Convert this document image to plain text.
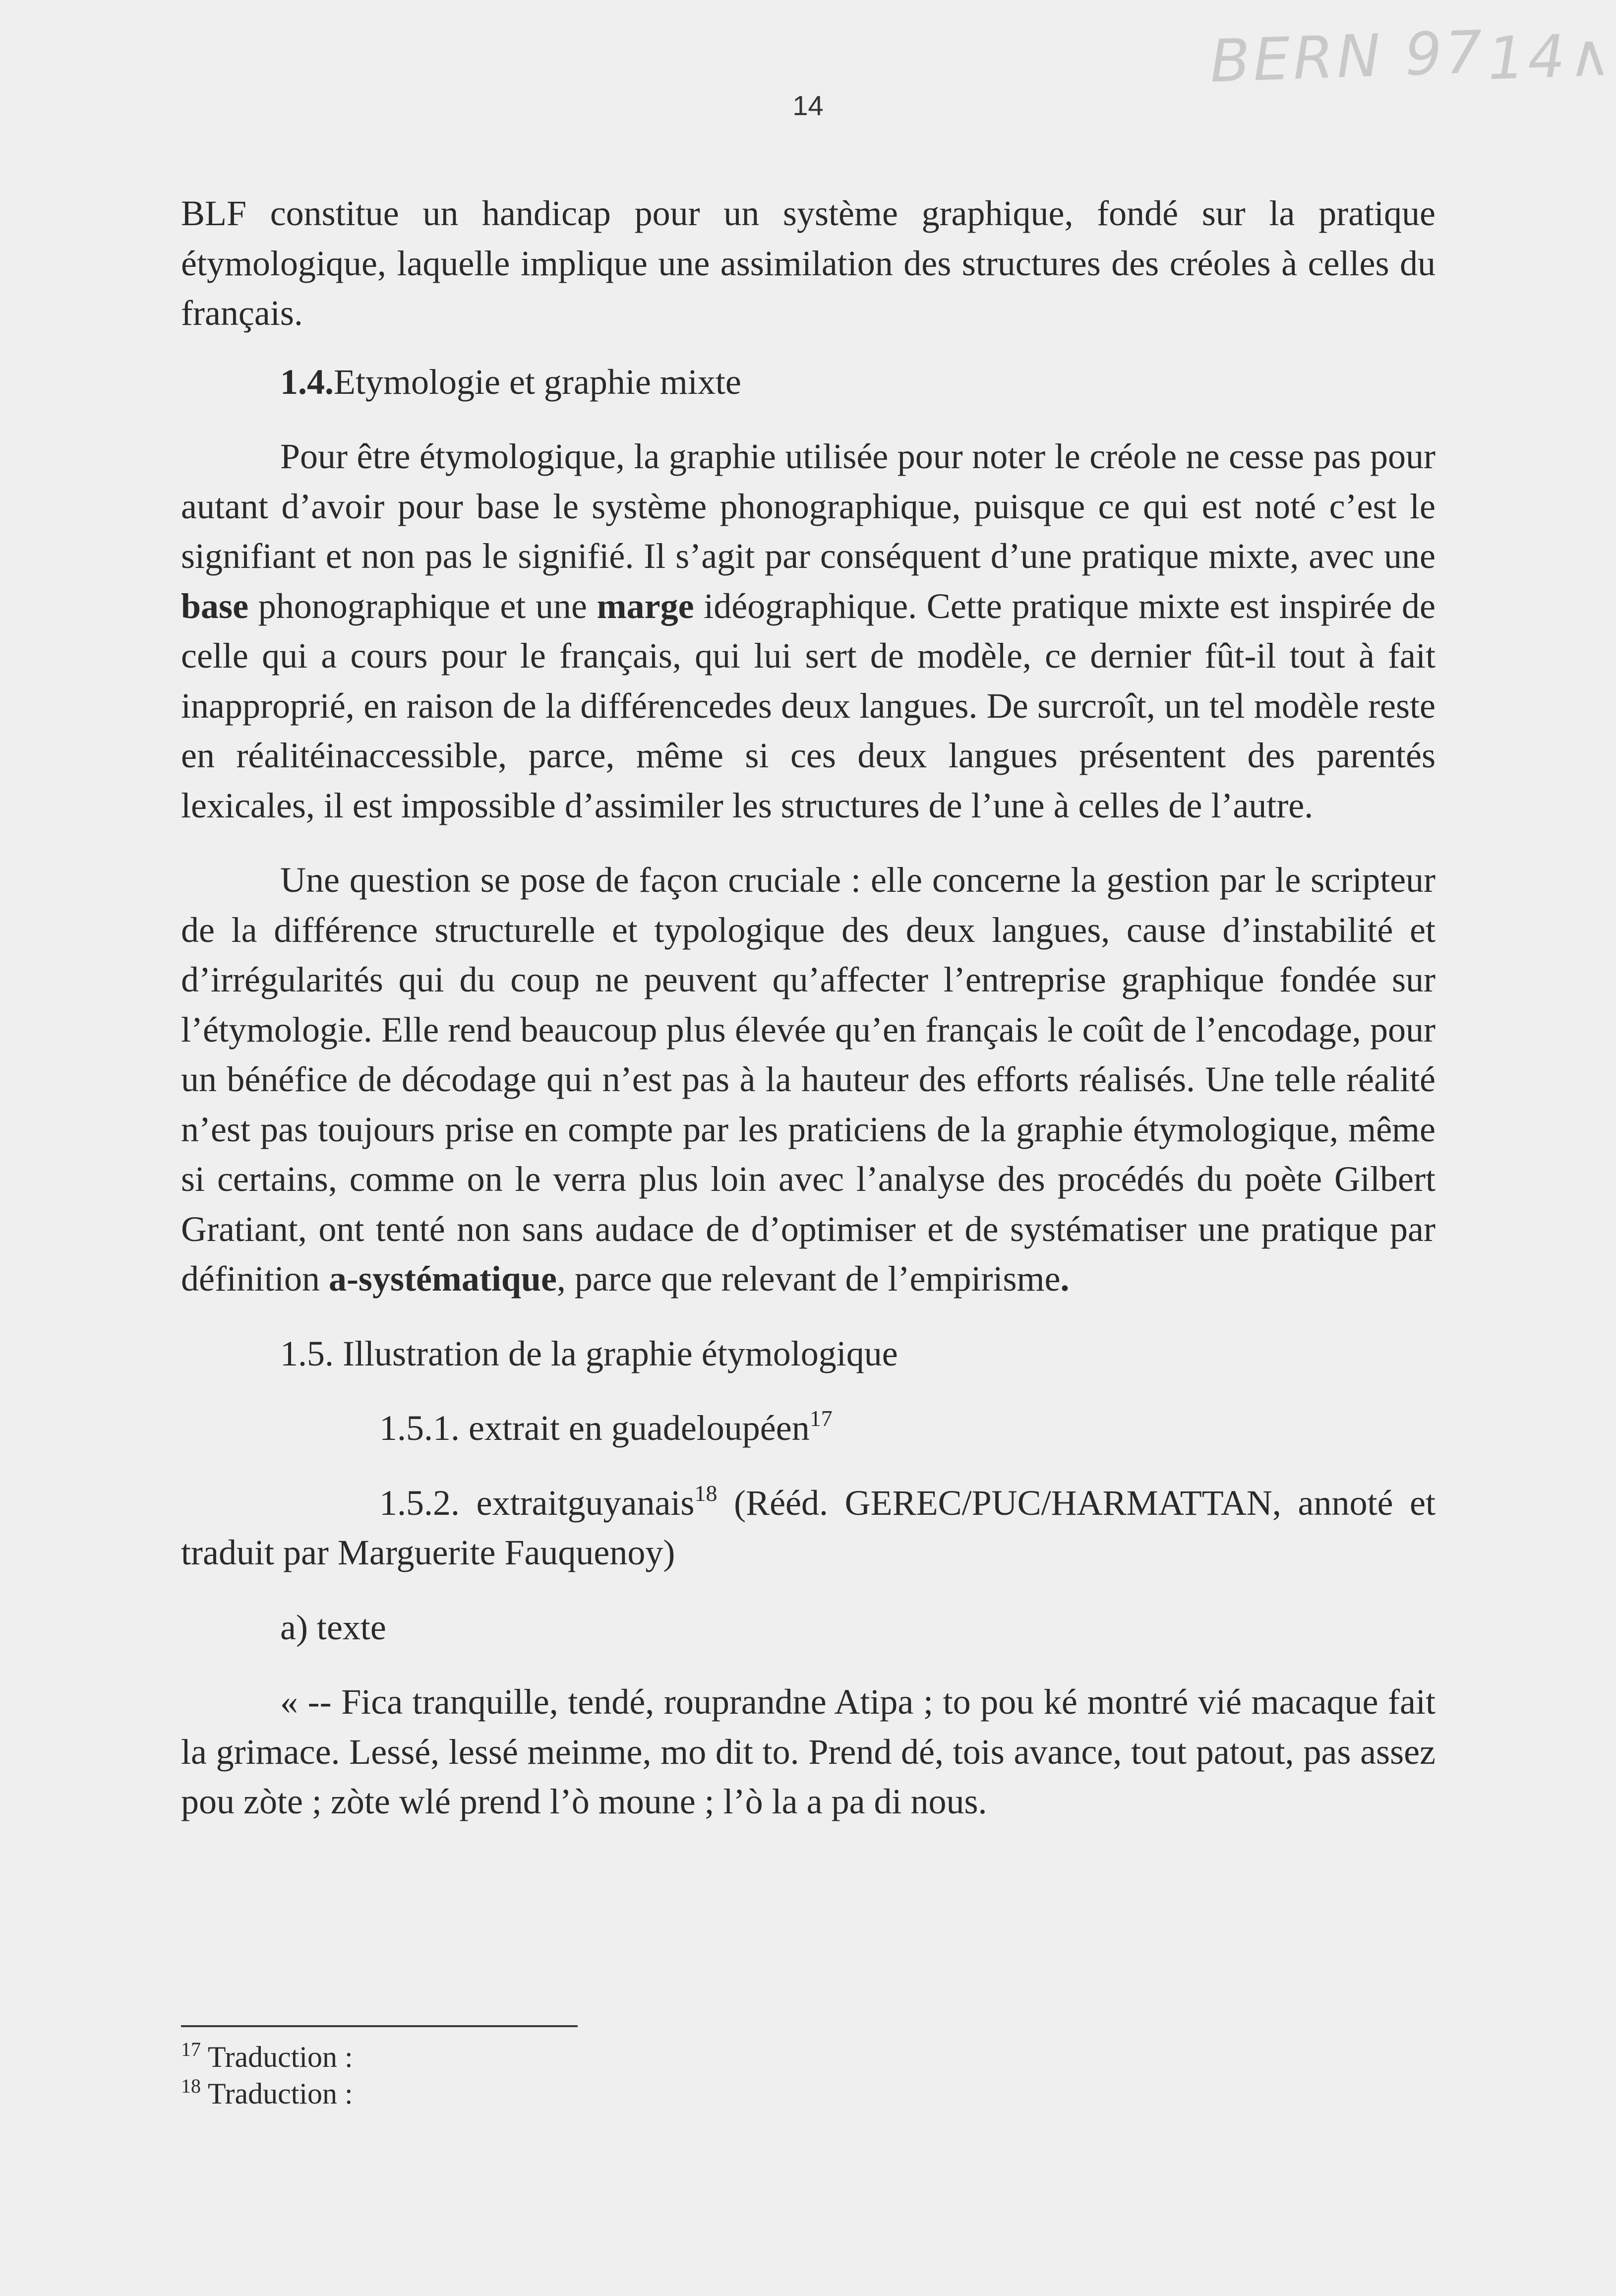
BERN 97 14∧
14

BLF constitue un handicap pour un système graphique, fondé sur la pratique étymologique, laquelle implique une assimilation des structures des créoles à celles du français.

1.4.Etymologie et graphie mixte

Pour être étymologique, la graphie utilisée pour noter le créole ne cesse pas pour autant d’avoir pour base le système phonographique, puisque ce qui est noté c’est le signifiant et non pas le signifié. Il s’agit par conséquent d’une pratique mixte, avec une base phonographique et une marge idéographique. Cette pratique mixte est inspirée de celle qui a cours pour le français, qui lui sert de modèle, ce dernier fût-il tout à fait inapproprié, en raison de la différencedes deux langues. De surcroît, un tel modèle reste en réalitéinaccessible, parce, même si ces deux langues présentent des parentés lexicales, il est impossible d’assimiler les structures de l’une à celles de l’autre.

Une question se pose de façon cruciale : elle concerne la gestion par le scripteur de la différence structurelle et typologique des deux langues, cause d’instabilité et d’irrégularités qui du coup ne peuvent qu’affecter l’entreprise graphique fondée sur l’étymologie. Elle rend beaucoup plus élevée qu’en français le coût de l’encodage, pour un bénéfice de décodage qui n’est pas à la hauteur des efforts réalisés. Une telle réalité n’est pas toujours prise en compte par les praticiens de la graphie étymologique, même si certains, comme on le verra plus loin avec l’analyse des procédés du poète Gilbert Gratiant, ont tenté non sans audace de d’optimiser et de systématiser une pratique par définition a-systématique, parce que relevant de l’empirisme.

1.5. Illustration de la graphie étymologique

1.5.1. extrait en guadeloupéen$^{17}$

1.5.2. extraitguyanais$^{18}$ (Rééd. GEREC/PUC/HARMATTAN, annoté et traduit par Marguerite Fauquenoy)

a) texte

« -- Fica tranquille, tendé, rouprandne Atipa ; to pou ké montré vié macaque fait la grimace. Lessé, lessé meinme, mo dit to. Prend dé, tois avance, tout patout, pas assez pou zòte ; zòte wlé prend l’ò moune ; l’ò la a pa di nous.

$^{17}$ Traduction :
$^{18}$ Traduction :
